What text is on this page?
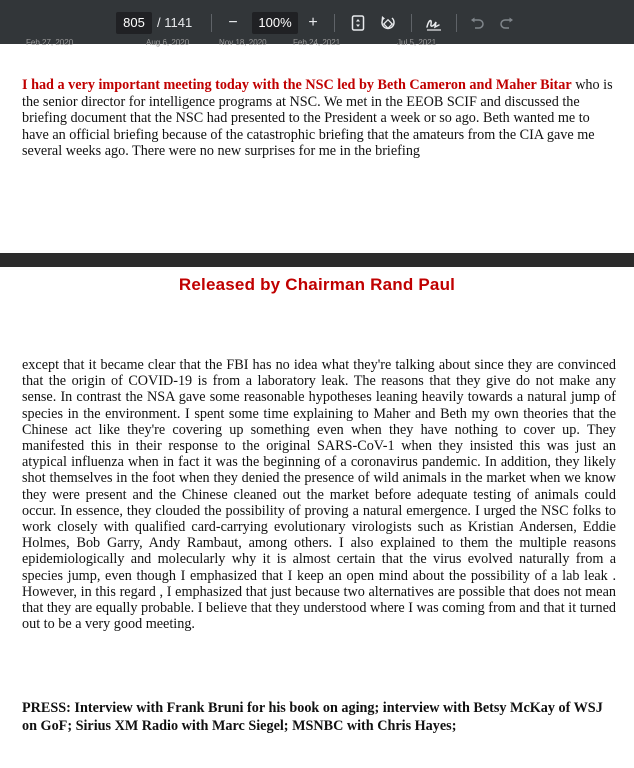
805 / 1141 −	100%	+
Feb 27, 2020	Aug 6, 2020	Nov 18, 2020	Feb 24, 2021	Jul 5, 2021
I had a very important meeting today with the NSC led by Beth Cameron and Maher Bitar who is the senior director for intelligence programs at NSC. We met in the EEOB SCIF and discussed the briefing document that the NSC had presented to the President a week or so ago. Beth wanted me to have an official briefing because of the catastrophic briefing that the amateurs from the CIA gave me several weeks ago. There were no new surprises for me in the briefing
Released by Chairman Rand Paul
except that it became clear that the FBI has no idea what they're talking about since they are convinced that the origin of COVID-19 is from a laboratory leak. The reasons that they give do not make any sense. In contrast the NSA gave some reasonable hypotheses leaning heavily towards a natural jump of species in the environment. I spent some time explaining to Maher and Beth my own theories that the Chinese act like they're covering up something even when they have nothing to cover up. They manifested this in their response to the original SARS-CoV-1 when they insisted this was just an atypical influenza when in fact it was the beginning of a coronavirus pandemic. In addition, they likely shot themselves in the foot when they denied the presence of wild animals in the market when we know they were present and the Chinese cleaned out the market before adequate testing of animals could occur. In essence, they clouded the possibility of proving a natural emergence. I urged the NSC folks to work closely with qualified card-carrying evolutionary virologists such as Kristian Andersen, Eddie Holmes, Bob Garry, Andy Rambaut, among others. I also explained to them the multiple reasons epidemiologically and molecularly why it is almost certain that the virus evolved naturally from a species jump, even though I emphasized that I keep an open mind about the possibility of a lab leak . However, in this regard , I emphasized that just because two alternatives are possible that does not mean that they are equally probable. I believe that they understood where I was coming from and that it turned out to be a very good meeting.
PRESS: Interview with Frank Bruni for his book on aging; interview with Betsy McKay of WSJ on GoF; Sirius XM Radio with Marc Siegel; MSNBC with Chris Hayes;
